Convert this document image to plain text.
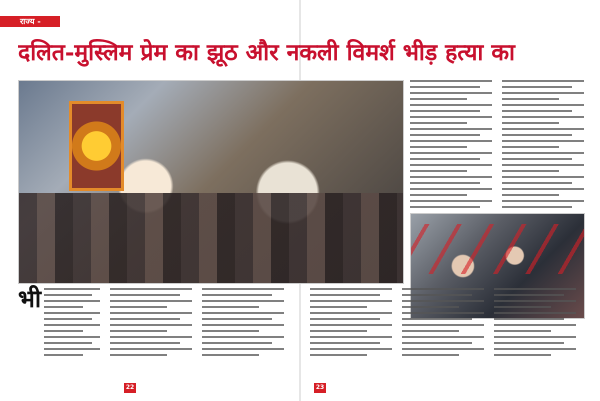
राज्य - कर्नाटक
दलित-मुस्लिम प्रेम का झूठ और नकली विमर्श भीड़ हत्या का
भी
22	23
